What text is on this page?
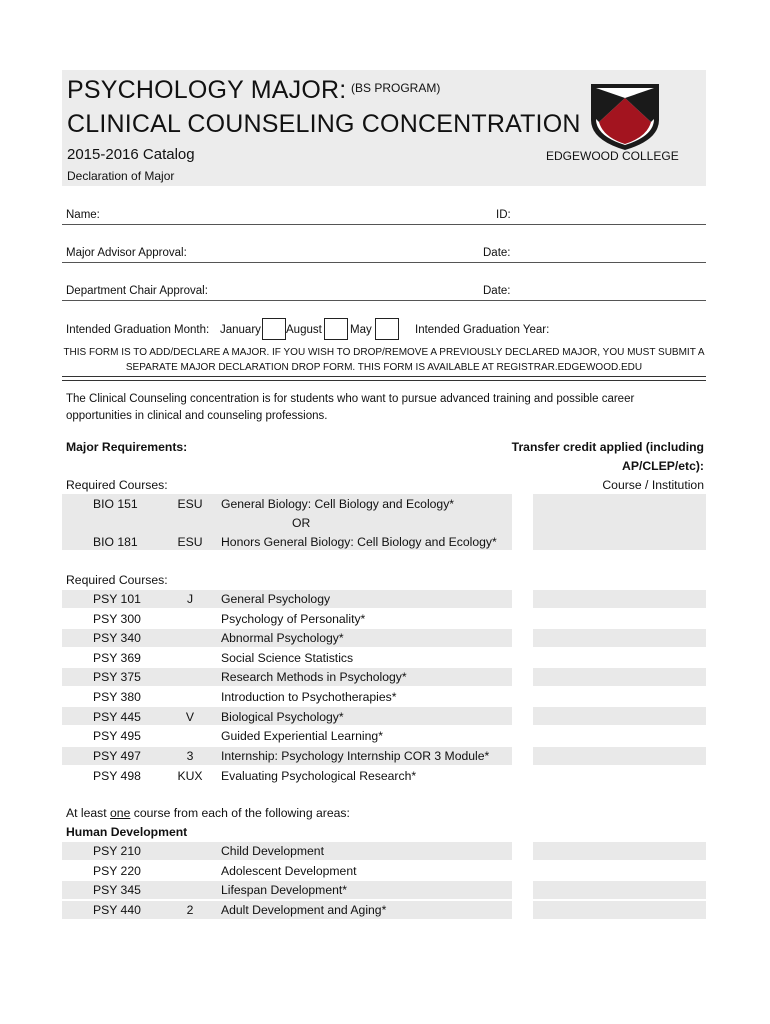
PSYCHOLOGY MAJOR: (BS PROGRAM)
CLINICAL COUNSELING CONCENTRATION
2015-2016 Catalog
Declaration of Major
EDGEWOOD COLLEGE
Name:	ID:
Major Advisor Approval:	Date:
Department Chair Approval:	Date:
Intended Graduation Month: January August May	Intended Graduation Year:
THIS FORM IS TO ADD/DECLARE A MAJOR. IF YOU WISH TO DROP/REMOVE A PREVIOUSLY DECLARED MAJOR, YOU MUST SUBMIT A
SEPARATE MAJOR DECLARATION DROP FORM. THIS FORM IS AVAILABLE AT REGISTRAR.EDGEWOOD.EDU
The Clinical Counseling concentration is for students who want to pursue advanced training and possible career opportunities in clinical and counseling professions.
Major Requirements:	Transfer credit applied (including
AP/CLEP/etc):
Course / Institution
Required Courses:
BIO 151	ESU	General Biology: Cell Biology and Ecology*
OR
BIO 181	ESU	Honors General Biology: Cell Biology and Ecology*
Required Courses:
PSY 101	J	General Psychology
PSY 300	Psychology of Personality*
PSY 340	Abnormal Psychology*
PSY 369	Social Science Statistics
PSY 375	Research Methods in Psychology*
PSY 380	Introduction to Psychotherapies*
PSY 445	V	Biological Psychology*
PSY 495	Guided Experiential Learning*
PSY 497	3	Internship: Psychology Internship COR 3 Module*
PSY 498	KUX	Evaluating Psychological Research*
At least one course from each of the following areas:
Human Development
PSY 210	Child Development
PSY 220	Adolescent Development
PSY 345	Lifespan Development*
PSY 440	2	Adult Development and Aging*
